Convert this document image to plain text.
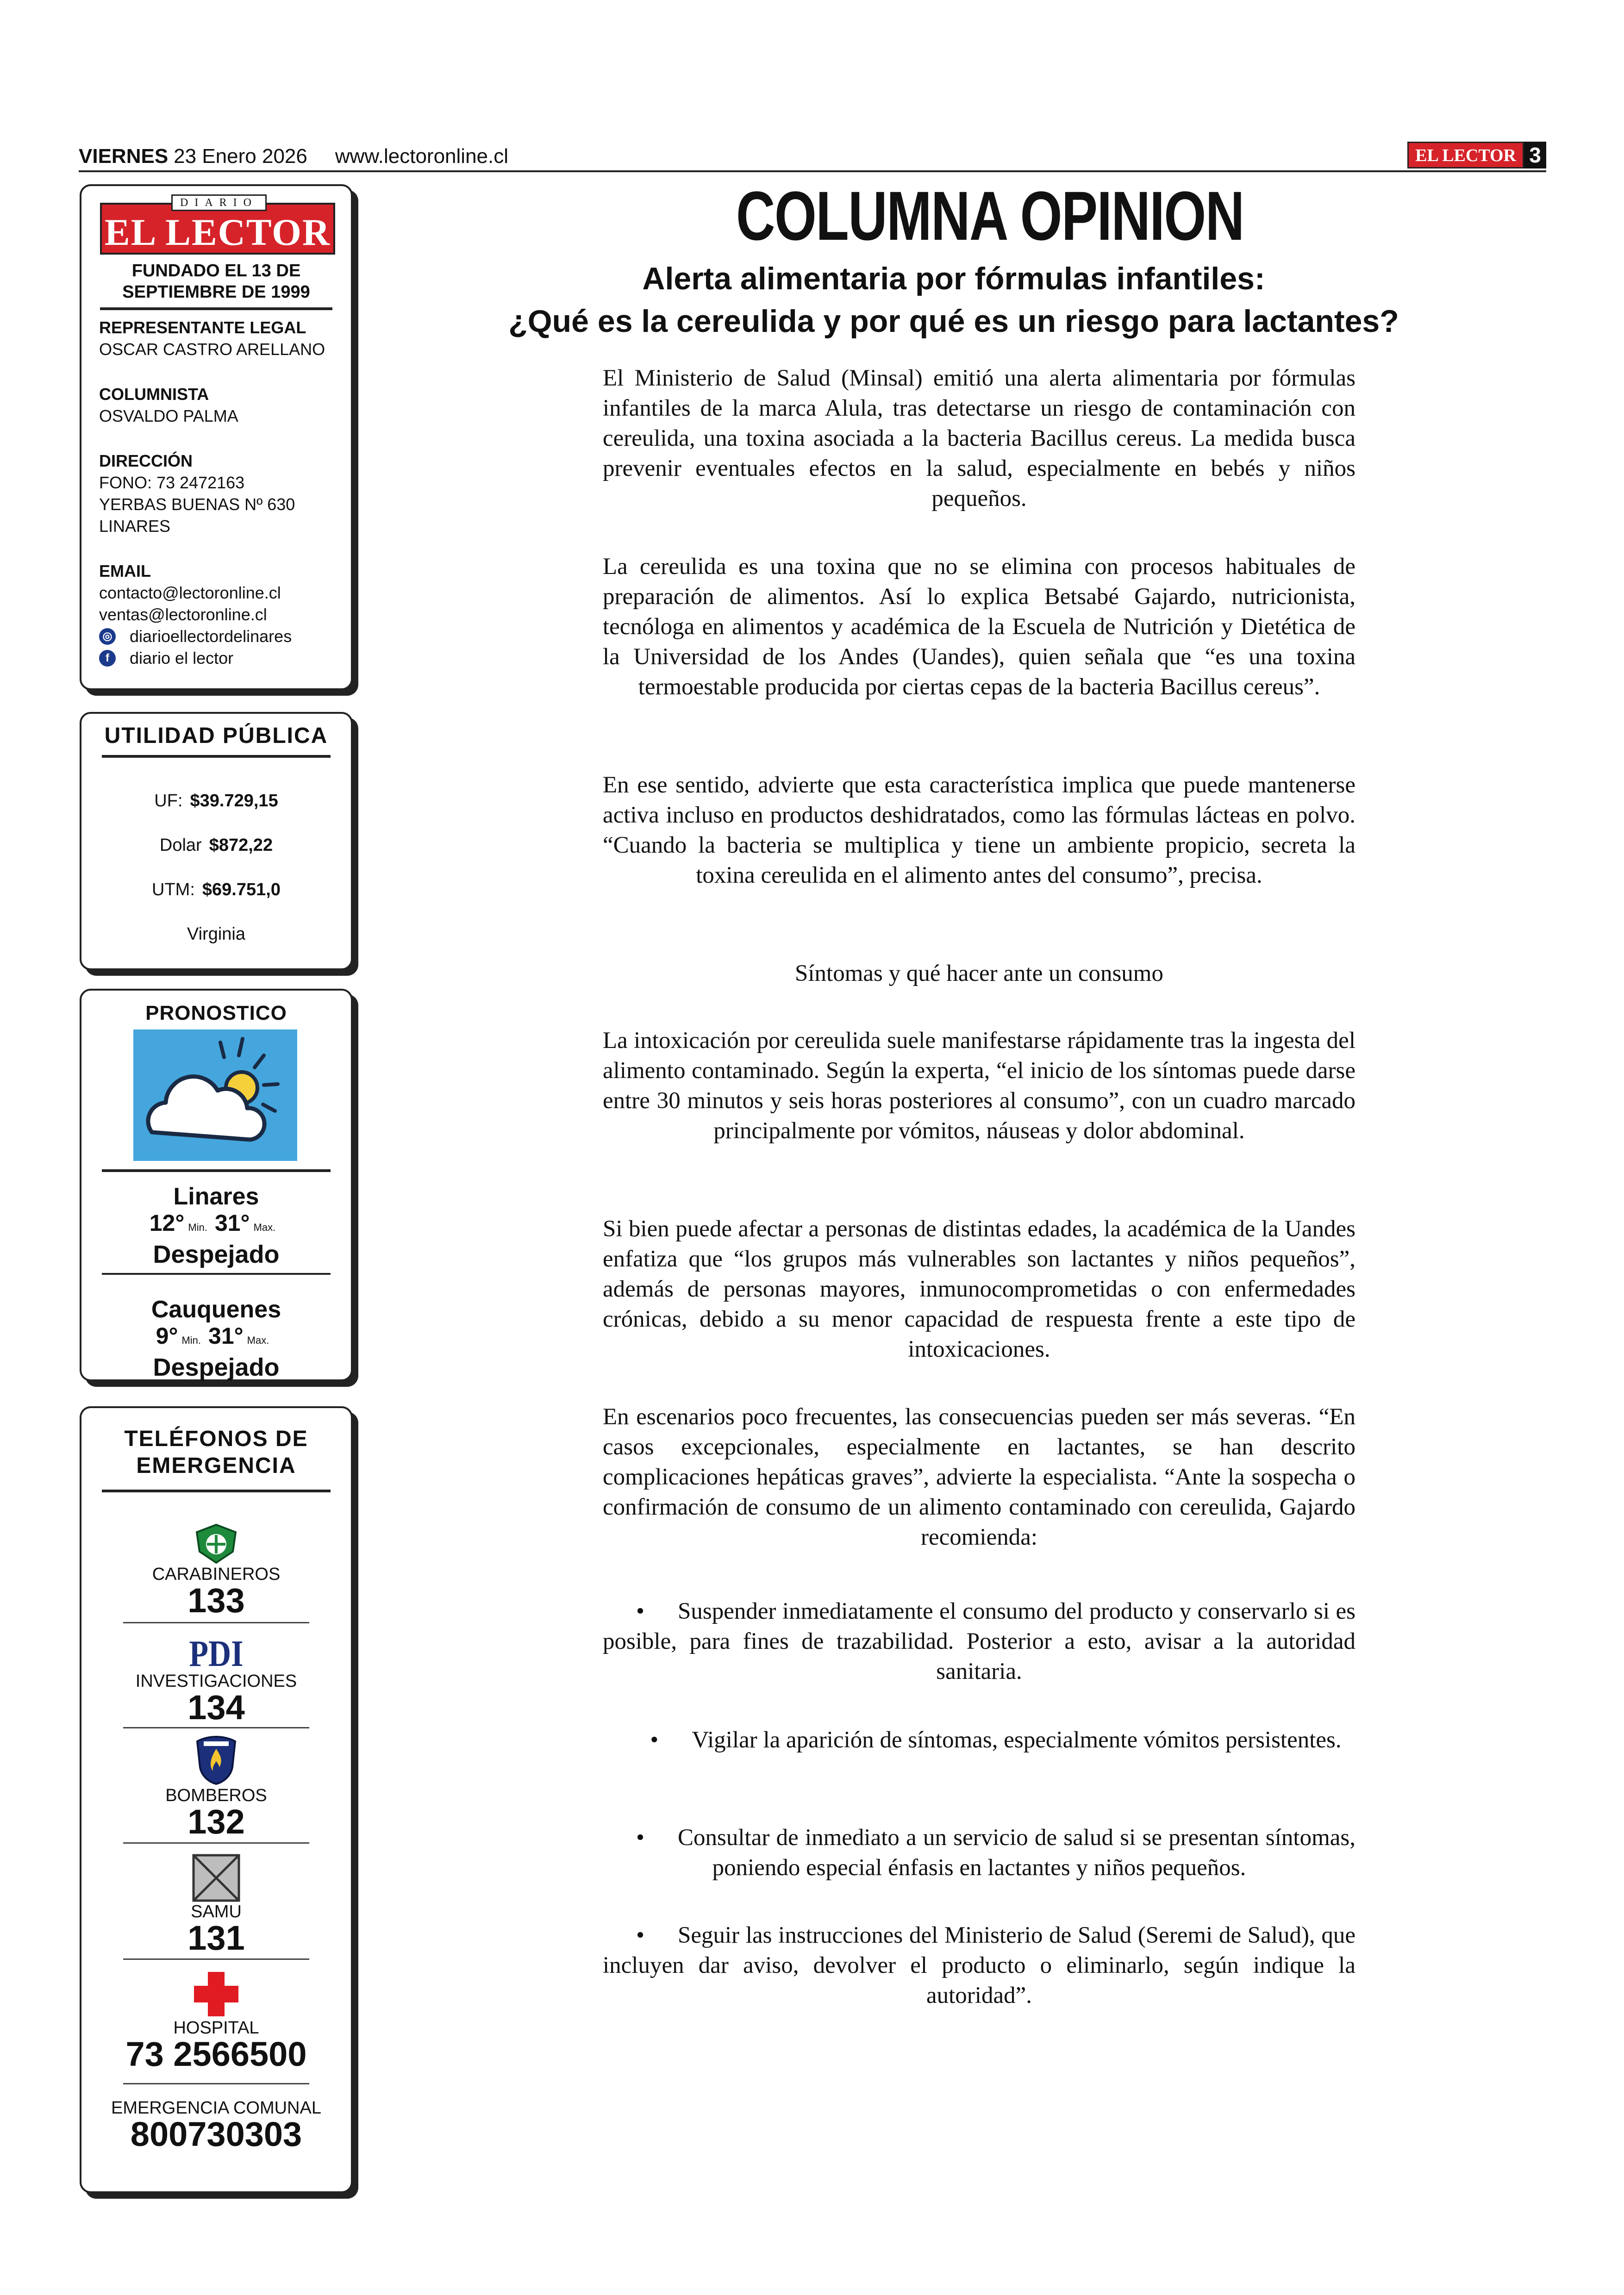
VIERNES 23 Enero 2026 www.lectoronline.cl	EL LECTOR 3
DIARIO
EL LECTOR
FUNDADO EL 13 DE SEPTIEMBRE DE 1999
REPRESENTANTE LEGAL
OSCAR CASTRO ARELLANO
COLUMNISTA
OSVALDO PALMA
DIRECCIÓN
FONO: 73 2472163
YERBAS BUENAS Nº 630
LINARES
EMAIL
contacto@lectoronline.cl
ventas@lectoronline.cl
◎ diarioellectordelinares
f	diario el lector
UTILIDAD PÚBLICA
UF: $39.729,15
Dolar $872,22
UTM: $69.751,0
Virginia
PRONOSTICO
Linares
12° Min. 31° Max.
Despejado
Cauquenes
9° Min. 31° Max.
Despejado
TELÉFONOS DE EMERGENCIA
CARABINEROS
133
PDI
INVESTIGACIONES
134
BOMBEROS
132
SAMU
131
HOSPITAL
73 2566500
EMERGENCIA COMUNAL
800730303
COLUMNA OPINION
Alerta alimentaria por fórmulas infantiles:
¿Qué es la cereulida y por qué es un riesgo para lactantes?
El Ministerio de Salud (Minsal) emitió una alerta alimentaria por fórmulas infantiles de la marca Alula, tras detectarse un riesgo de contaminación con cereulida, una toxina asociada a la bacteria Bacillus cereus. La medida busca prevenir eventuales efectos en la salud, especialmente en bebés y niños pequeños.
La cereulida es una toxina que no se elimina con procesos habituales de preparación de alimentos. Así lo explica Betsabé Gajardo, nutricionista, tecnóloga en alimentos y académica de la Escuela de Nutrición y Dietética de la Universidad de los Andes (Uandes), quien señala que “es una toxina termoestable producida por ciertas cepas de la bacteria Bacillus cereus”.
En ese sentido, advierte que esta característica implica que puede mantenerse activa incluso en productos deshidratados, como las fórmulas lácteas en polvo. “Cuando la bacteria se multiplica y tiene un ambiente propicio, secreta la toxina cereulida en el alimento antes del consumo”, precisa.
Síntomas y qué hacer ante un consumo
La intoxicación por cereulida suele manifestarse rápidamente tras la ingesta del alimento contaminado. Según la experta, “el inicio de los síntomas puede darse entre 30 minutos y seis horas posteriores al consumo”, con un cuadro marcado principalmente por vómitos, náuseas y dolor abdominal.
Si bien puede afectar a personas de distintas edades, la académica de la Uandes enfatiza que “los grupos más vulnerables son lactantes y niños pequeños”, además de personas mayores, inmunocomprometidas o con enfermedades crónicas, debido a su menor capacidad de respuesta frente a este tipo de intoxicaciones.
En escenarios poco frecuentes, las consecuencias pueden ser más severas. “En casos excepcionales, especialmente en lactantes, se han descrito complicaciones hepáticas graves”, advierte la especialista. “Ante la sospecha o confirmación de consumo de un alimento contaminado con cereulida, Gajardo recomienda:
• Suspender inmediatamente el consumo del producto y conservarlo si es posible, para fines de trazabilidad. Posterior a esto, avisar a la autoridad sanitaria.
• Vigilar la aparición de síntomas, especialmente vómitos persistentes.
• Consultar de inmediato a un servicio de salud si se presentan síntomas, poniendo especial énfasis en lactantes y niños pequeños.
• Seguir las instrucciones del Ministerio de Salud (Seremi de Salud), que incluyen dar aviso, devolver el producto o eliminarlo, según indique la autoridad”.
